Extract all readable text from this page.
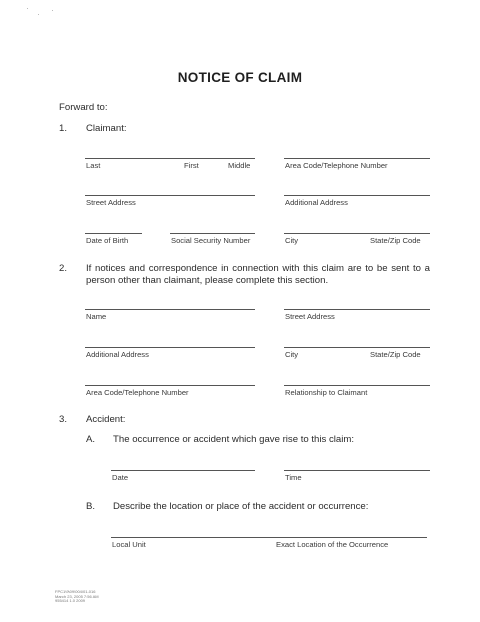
NOTICE OF CLAIM
Forward to:
1. Claimant:
Last	First	Middle	Area Code/Telephone Number
Street Address	Additional Address
Date of Birth	Social Security Number	City	State/Zip Code
2. If notices and correspondence in connection with this claim are to be sent to a person other than claimant, please complete this section.
Name	Street Address
Additional Address	City	State/Zip Code
Area Code/Telephone Number	Relationship to Claimant
3. Accident:
A. The occurrence or accident which gave rise to this claim:
Date	Time
B. Describe the location or place of the accident or occurrence:
Local Unit	Exact Location of the Occurrence
FPC1\9\09\004\01-016
March 23, 2005 7:56 AM
955414 1.0 2009
